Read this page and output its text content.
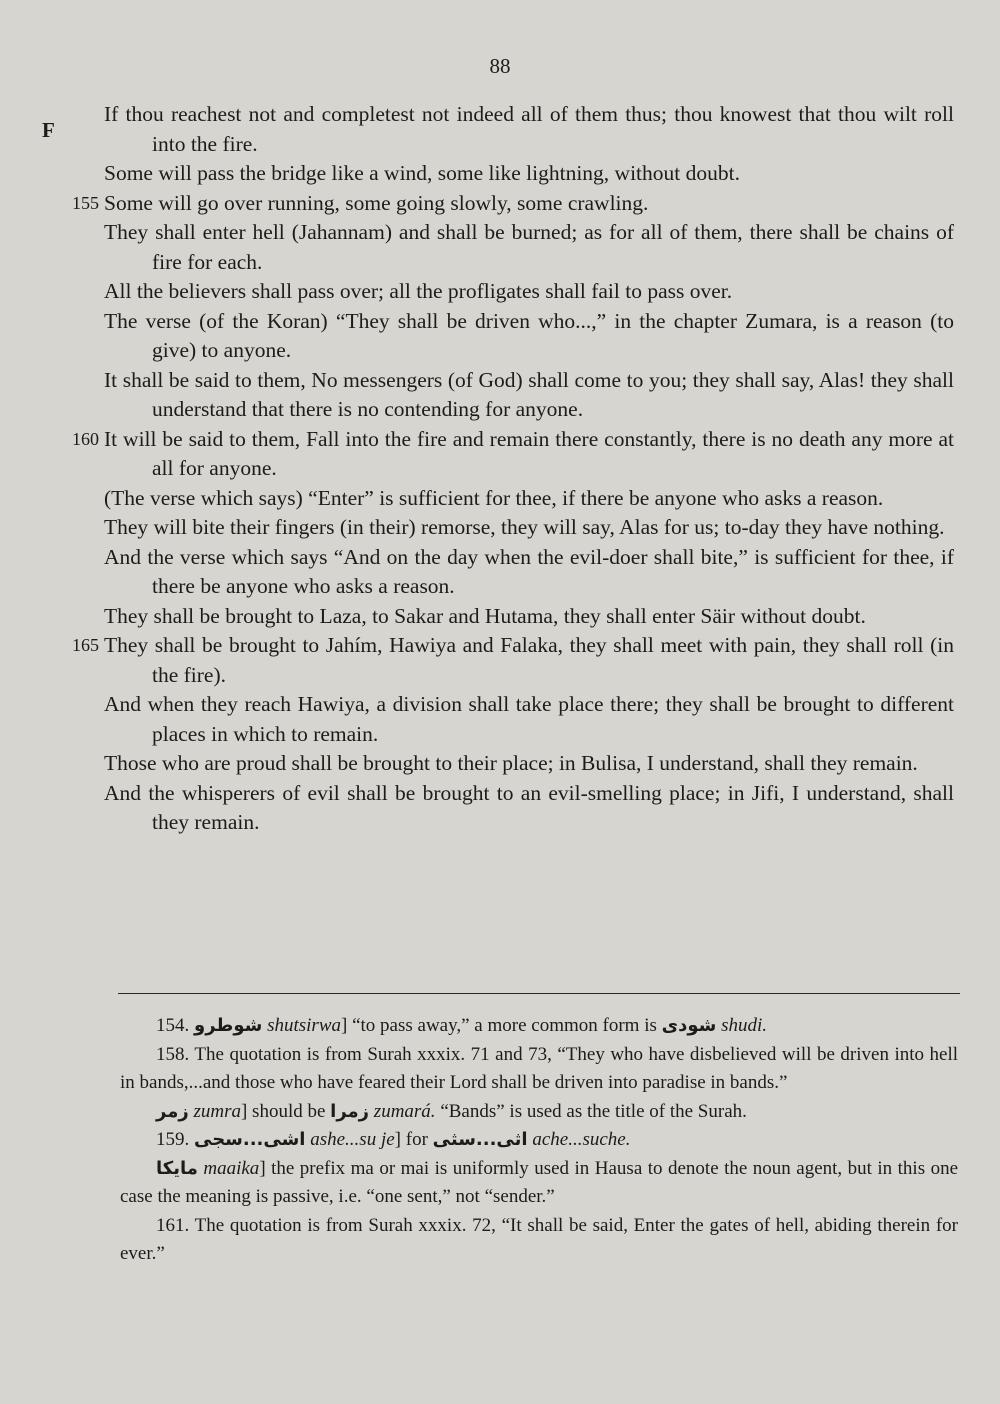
88
F
If thou reachest not and completest not indeed all of them thus; thou knowest that thou wilt roll into the fire.
Some will pass the bridge like a wind, some like lightning, without doubt.
155 Some will go over running, some going slowly, some crawling.
They shall enter hell (Jahannam) and shall be burned; as for all of them, there shall be chains of fire for each.
All the believers shall pass over; all the profligates shall fail to pass over.
The verse (of the Koran) “They shall be driven who...,” in the chapter Zumara, is a reason (to give) to anyone.
It shall be said to them, No messengers (of God) shall come to you; they shall say, Alas! they shall understand that there is no contending for anyone.
160 It will be said to them, Fall into the fire and remain there constantly, there is no death any more at all for anyone.
(The verse which says) “Enter” is sufficient for thee, if there be anyone who asks a reason.
They will bite their fingers (in their) remorse, they will say, Alas for us; to-day they have nothing.
And the verse which says “And on the day when the evil-doer shall bite,” is sufficient for thee, if there be anyone who asks a reason.
They shall be brought to Laza, to Sakar and Hutama, they shall enter Säir without doubt.
165 They shall be brought to Jahím, Hawiya and Falaka, they shall meet with pain, they shall roll (in the fire).
And when they reach Hawiya, a division shall take place there; they shall be brought to different places in which to remain.
Those who are proud shall be brought to their place; in Bulisa, I understand, shall they remain.
And the whisperers of evil shall be brought to an evil-smelling place; in Jifi, I understand, shall they remain.
154. شوطرو shutsirwa] “to pass away,” a more common form is شودى shudi.
158. The quotation is from Surah xxxix. 71 and 73, “They who have disbelieved will be driven into hell in bands,...and those who have feared their Lord shall be driven into paradise in bands.”
زمر zumra] should be زمرا zumará. “Bands” is used as the title of the Surah.
159. اشى...سجى ashe...su je] for اثى...سثى ache...suche.
مايكا maaika] the prefix ma or mai is uniformly used in Hausa to denote the noun agent, but in this one case the meaning is passive, i.e. “one sent,” not “sender.”
161. The quotation is from Surah xxxix. 72, “It shall be said, Enter the gates of hell, abiding therein for ever.”
